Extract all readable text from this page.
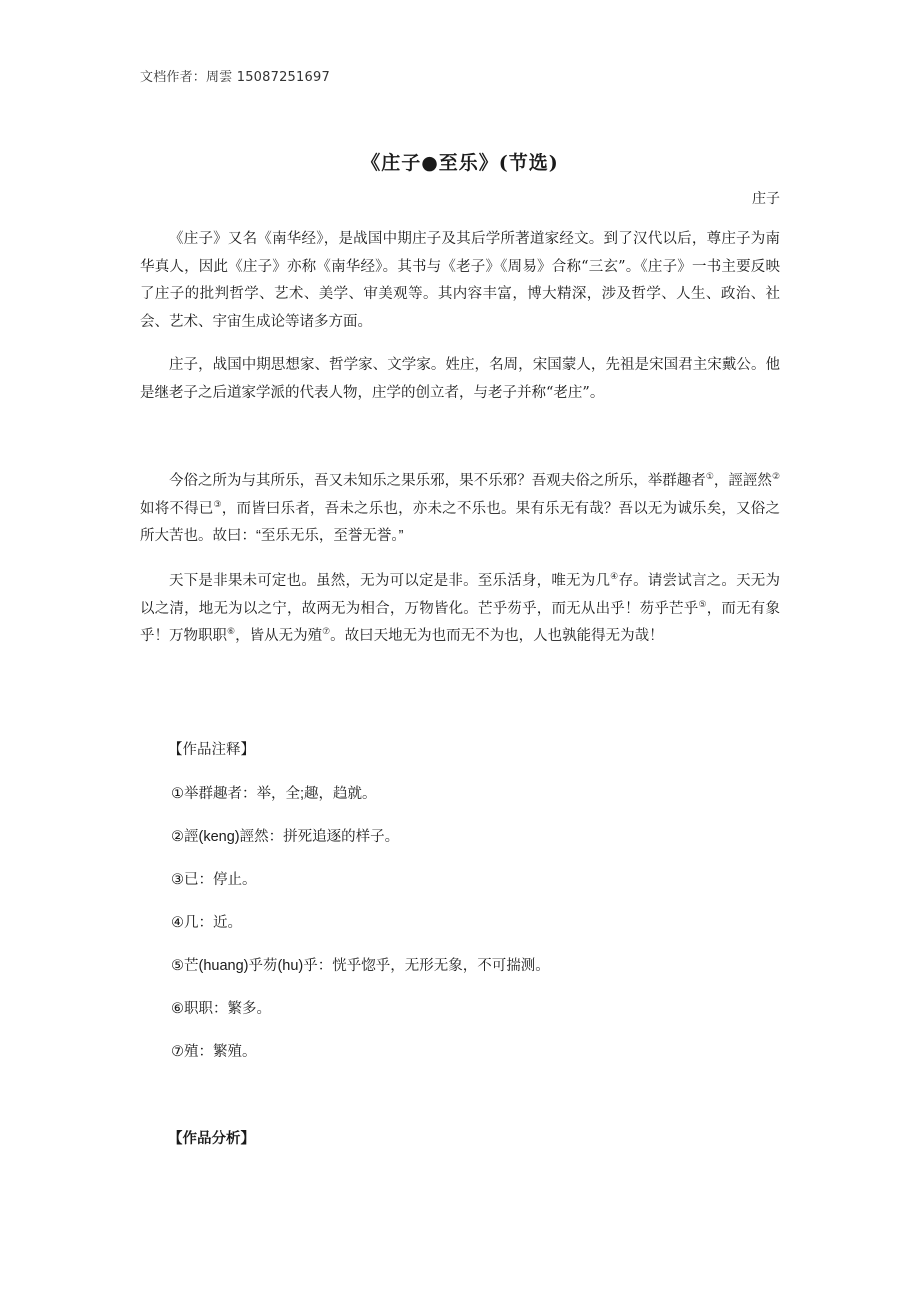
文档作者：周雲 15087251697
《庄子●至乐》(节选)
庄子

《庄子》又名《南华经》，是战国中期庄子及其后学所著道家经文。到了汉代以后，尊庄子为南华真人，因此《庄子》亦称《南华经》。其书与《老子》《周易》合称“三玄”。《庄子》一书主要反映了庄子的批判哲学、艺术、美学、审美观等。其内容丰富，博大精深，涉及哲学、人生、政治、社会、艺术、宇宙生成论等诸多方面。

庄子，战国中期思想家、哲学家、文学家。姓庄，名周，宋国蒙人，先祖是宋国君主宋戴公。他是继老子之后道家学派的代表人物，庄学的创立者，与老子并称“老庄”。

今俗之所为与其所乐，吾又未知乐之果乐邪，果不乐邪？吾观夫俗之所乐，举群趣者①，誙誙然②如将不得已③，而皆曰乐者，吾未之乐也，亦未之不乐也。果有乐无有哉？吾以无为诚乐矣，又俗之所大苦也。故曰：“至乐无乐，至誉无誉。”

天下是非果未可定也。虽然，无为可以定是非。至乐活身，唯无为几④存。请尝试言之。天无为以之清，地无为以之宁，故两无为相合，万物皆化。芒乎芴乎，而无从出乎！芴乎芒乎⑤，而无有象乎！万物职职⑥，皆从无为殖⑦。故曰天地无为也而无不为也，人也孰能得无为哉！

【作品注释】
①举群趣者：举，全;趣，趋就。
②誙(keng)誙然：拼死追逐的样子。
③已：停止。
④几：近。
⑤芒(huang)乎芴(hu)乎：恍乎惚乎，无形无象，不可揣测。
⑥职职：繁多。
⑦殖：繁殖。
【作品分析】
